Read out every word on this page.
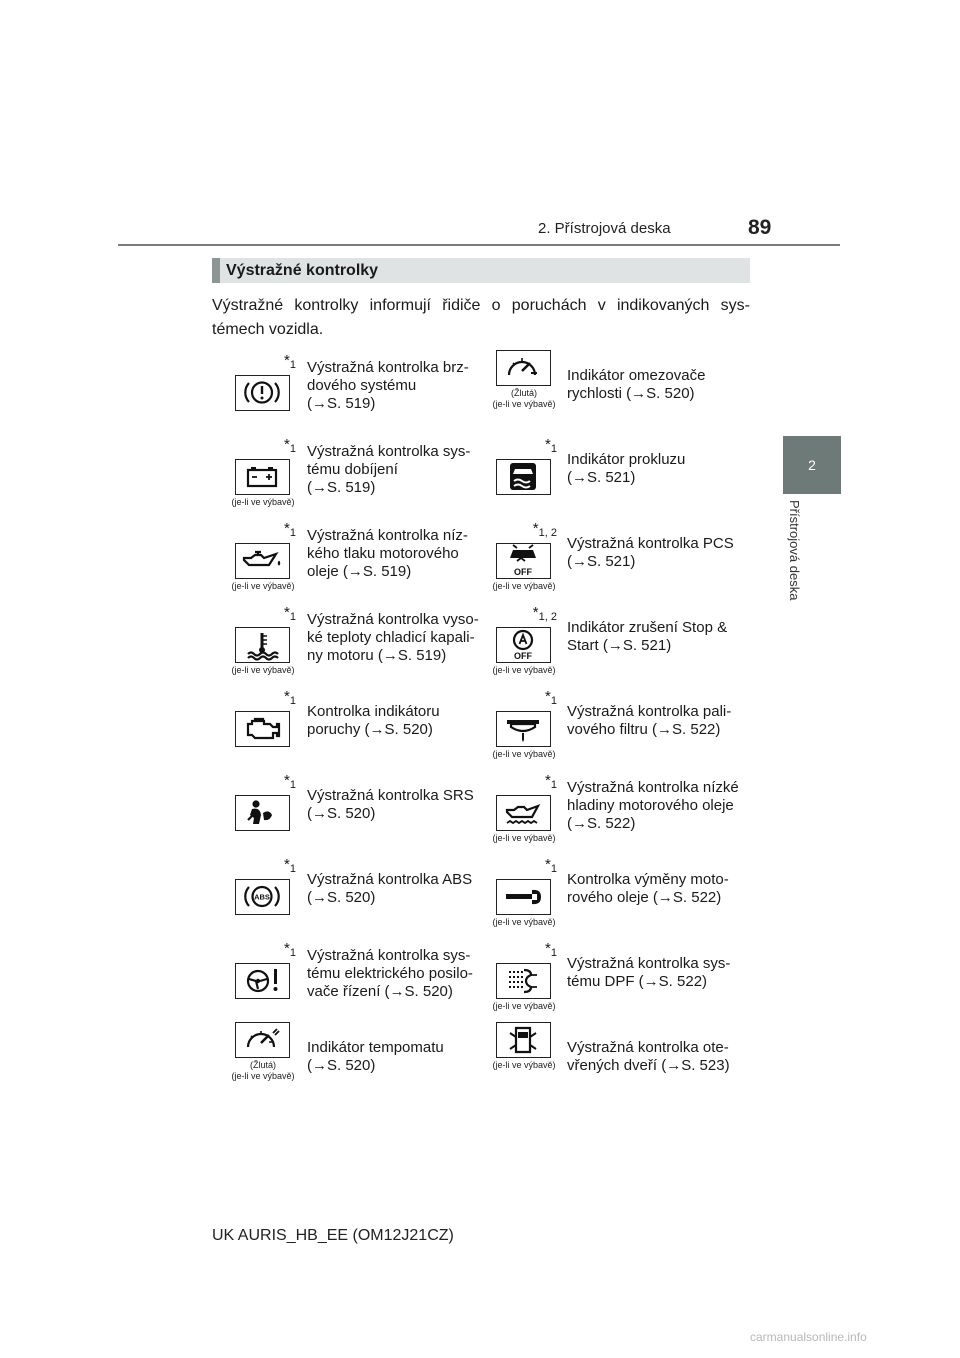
2. Přístrojová deska	89
2
Přístrojová deska
Výstražné kontrolky
Výstražné kontrolky informují řidiče o poruchách v indikovaných sys-
témech vozidla.
$*_1$ Výstražná kontrolka brz-
dového systému
(→S. 519)
$*_1$
(je-li ve výbavě)
Výstražná kontrolka sys-
tému dobíjení
(→S. 519)
$*_1$
(je-li ve výbavě)
Výstražná kontrolka níz-
kého tlaku motorového
oleje (→S. 519)
$*_1$
(je-li ve výbavě)
Výstražná kontrolka vyso-
ké teploty chladicí kapali-
ny motoru (→S. 519)
$*_1$
Kontrolka indikátoru
poruchy (→S. 520)
$*_1$
Výstražná kontrolka SRS
(→S. 520)
$*_1$
ABS
Výstražná kontrolka ABS
(→S. 520)
$*_1$ Výstražná kontrolka sys-
tému elektrického posilo-
vače řízení (→S. 520)
(Žlutá)
(je-li ve výbavě)
Indikátor tempomatu
(→S. 520)
(Žlutá)
(je-li ve výbavě)
Indikátor omezovače
rychlosti (→S. 520)
$*_1$
Indikátor prokluzu
(→S. 521)
$*_{1, 2}$
OFF
(je-li ve výbavě)
Výstražná kontrolka PCS
(→S. 521)
$*_{1, 2}$
OFF
(je-li ve výbavě)
Indikátor zrušení Stop &
Start (→S. 521)
$*_1$
(je-li ve výbavě)
Výstražná kontrolka pali-
vového filtru (→S. 522)
$*_1$
(je-li ve výbavě)
Výstražná kontrolka nízké
hladiny motorového oleje
(→S. 522)
$*_1$
(je-li ve výbavě)
Kontrolka výměny moto-
rového oleje (→S. 522)
$*_1$
(je-li ve výbavě)
Výstražná kontrolka sys-
tému DPF (→S. 522)
(je-li ve výbavě)
Výstražná kontrolka ote-
vřených dveří (→S. 523)
UK AURIS_HB_EE (OM12J21CZ)
carmanualsonline.info
